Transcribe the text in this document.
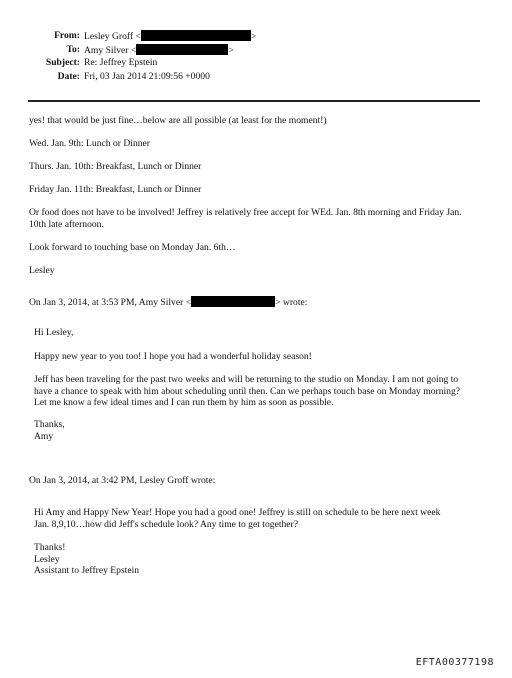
From: Lesley Groff <	>
To: Amy Silver <	>
Subject: Re: Jeffrey Epstein
Date: Fri, 03 Jan 2014 21:09:56 +0000

yes! that would be just fine…below are all possible (at least for the moment!)

Wed. Jan. 9th: Lunch or Dinner

Thurs. Jan. 10th: Breakfast, Lunch or Dinner

Friday Jan. 11th: Breakfast, Lunch or Dinner

Or food does not have to be involved! Jeffrey is relatively free accept for WEd. Jan. 8th morning and Friday Jan.
10th late afternoon.

Look forward to touching base on Monday Jan. 6th…

Lesley

On Jan 3, 2014, at 3:53 PM, Amy Silver <	> wrote:

Hi Lesley,

Happy new year to you too! I hope you had a wonderful holiday season!

Jeff has been traveling for the past two weeks and will be returning to the studio on Monday. I am not going to
have a chance to speak with him about scheduling until then. Can we perhaps touch base on Monday morning?
Let me know a few ideal times and I can run them by him as soon as possible.

Thanks,
Amy

On Jan 3, 2014, at 3:42 PM, Lesley Groff wrote:

Hi Amy and Happy New Year! Hope you had a good one! Jeffrey is still on schedule to be here next week
Jan. 8,9,10…how did Jeff's schedule look? Any time to get together?

Thanks!
Lesley
Assistant to Jeffrey Epstein

EFTA00377198
